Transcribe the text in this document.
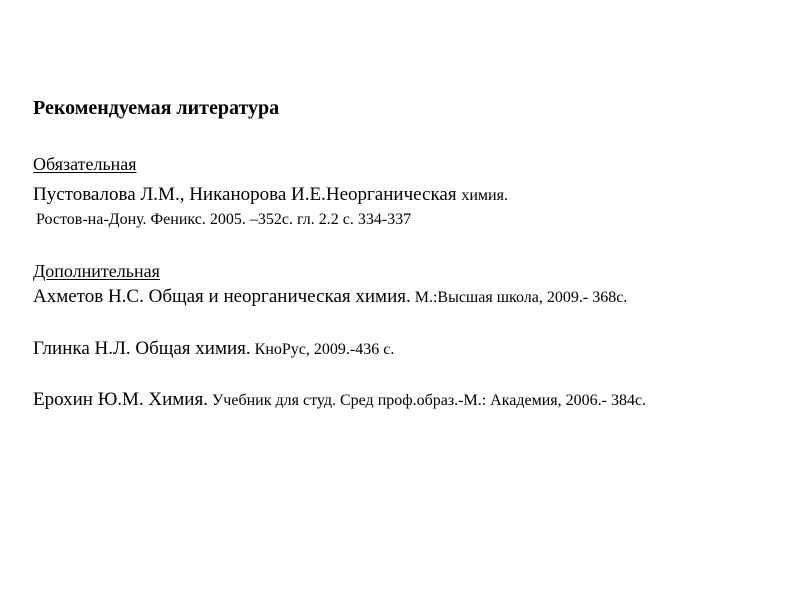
Рекомендуемая литература
Обязательная
Пустовалова Л.М., Никанорова И.Е.Неорганическая химия.
Ростов-на-Дону. Феникс. 2005. –352с. гл. 2.2 с. 334-337
Дополнительная
Ахметов Н.С. Общая и неорганическая химия. М.:Высшая школа, 2009.- 368с.
Глинка Н.Л. Общая химия. КноРус, 2009.-436 с.
Ерохин Ю.М. Химия. Учебник для студ. Сред проф.образ.-М.: Академия, 2006.- 384с.
